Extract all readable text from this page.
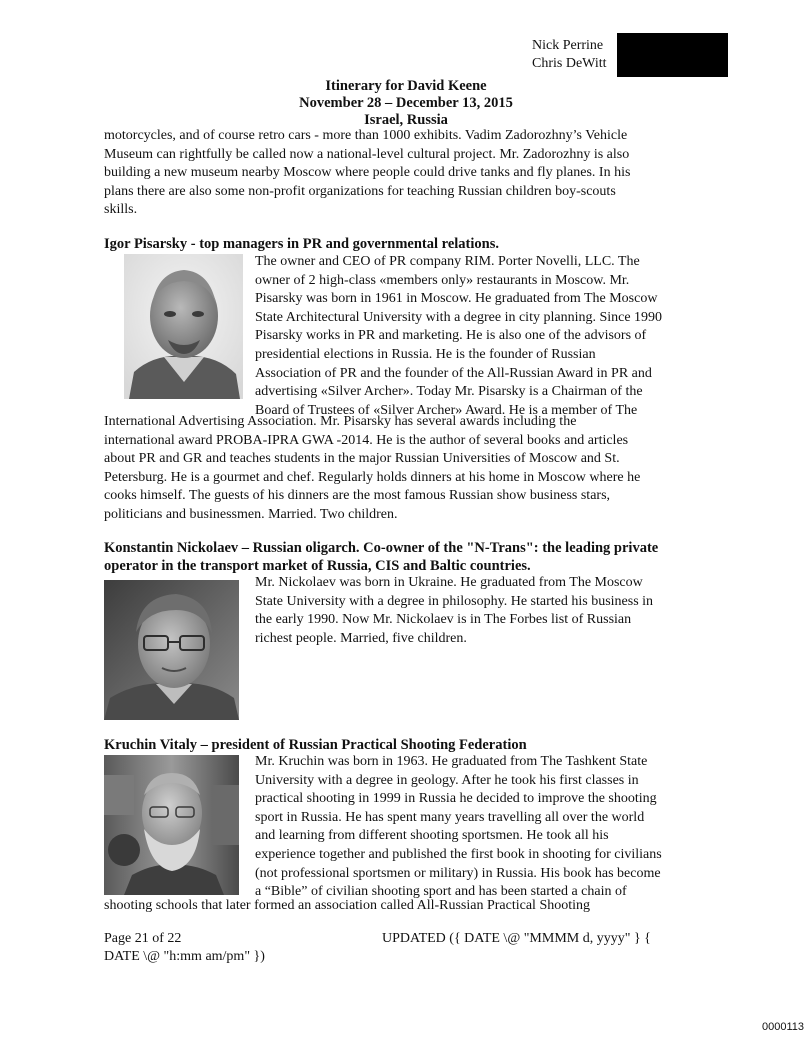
Nick Perrine
Chris DeWitt
Itinerary for David Keene
November 28 – December 13, 2015
Israel, Russia
motorcycles, and of course retro cars - more than 1000 exhibits. Vadim Zadorozhny’s Vehicle
Museum can rightfully be called now a national-level cultural project. Mr. Zadorozhny is also
building a new museum nearby Moscow where people could drive tanks and fly planes. In his
plans there are also some non-profit organizations for teaching Russian children boy-scouts
skills.
Igor Pisarsky - top managers in PR and governmental relations.
The owner and CEO of PR company RIM. Porter Novelli, LLC. The
owner of 2 high-class «members only» restaurants in Moscow. Mr.
Pisarsky was born in 1961 in Moscow. He graduated from The Moscow
State Architectural University with a degree in city planning. Since 1990
Pisarsky works in PR and marketing. He is also one of the advisors of
presidential elections in Russia. He is the founder of Russian
Association of PR and the founder of the All-Russian Award in PR and
advertising «Silver Archer». Today Mr. Pisarsky is a Chairman of the
Board of Trustees of «Silver Archer» Award. He is a member of The
International Advertising Association. Mr. Pisarsky has several awards including the
international award PROBA-IPRA GWA -2014. He is the author of several books and articles
about PR and GR and teaches students in the major Russian Universities of Moscow and St.
Petersburg. He is a gourmet and chef. Regularly holds dinners at his home in Moscow where he
cooks himself. The guests of his dinners are the most famous Russian show business stars,
politicians and businessmen. Married. Two children.
Konstantin Nickolaev – Russian oligarch. Co-owner of the "N-Trans": the leading private
operator in the transport market of Russia, CIS and Baltic countries.
Mr. Nickolaev was born in Ukraine. He graduated from The Moscow
State University with a degree in philosophy. He started his business in
the early 1990. Now Mr. Nickolaev is in The Forbes list of Russian
richest people. Married, five children.
Kruchin Vitaly – president of Russian Practical Shooting Federation
Mr. Kruchin was born in 1963. He graduated from The Tashkent State
University with a degree in geology. After he took his first classes in
practical shooting in 1999 in Russia he decided to improve the shooting
sport in Russia. He has spent many years travelling all over the world
and learning from different shooting sportsmen. He took all his
experience together and published the first book in shooting for civilians
(not professional sportsmen or military) in Russia. His book has become
a “Bible” of civilian shooting sport and has been started a chain of
shooting schools that later formed an association called All-Russian Practical Shooting
Page 21 of 22	UPDATED ({ DATE \@ "MMMM d, yyyy" } {
DATE \@ "h:mm am/pm" })
0000113
